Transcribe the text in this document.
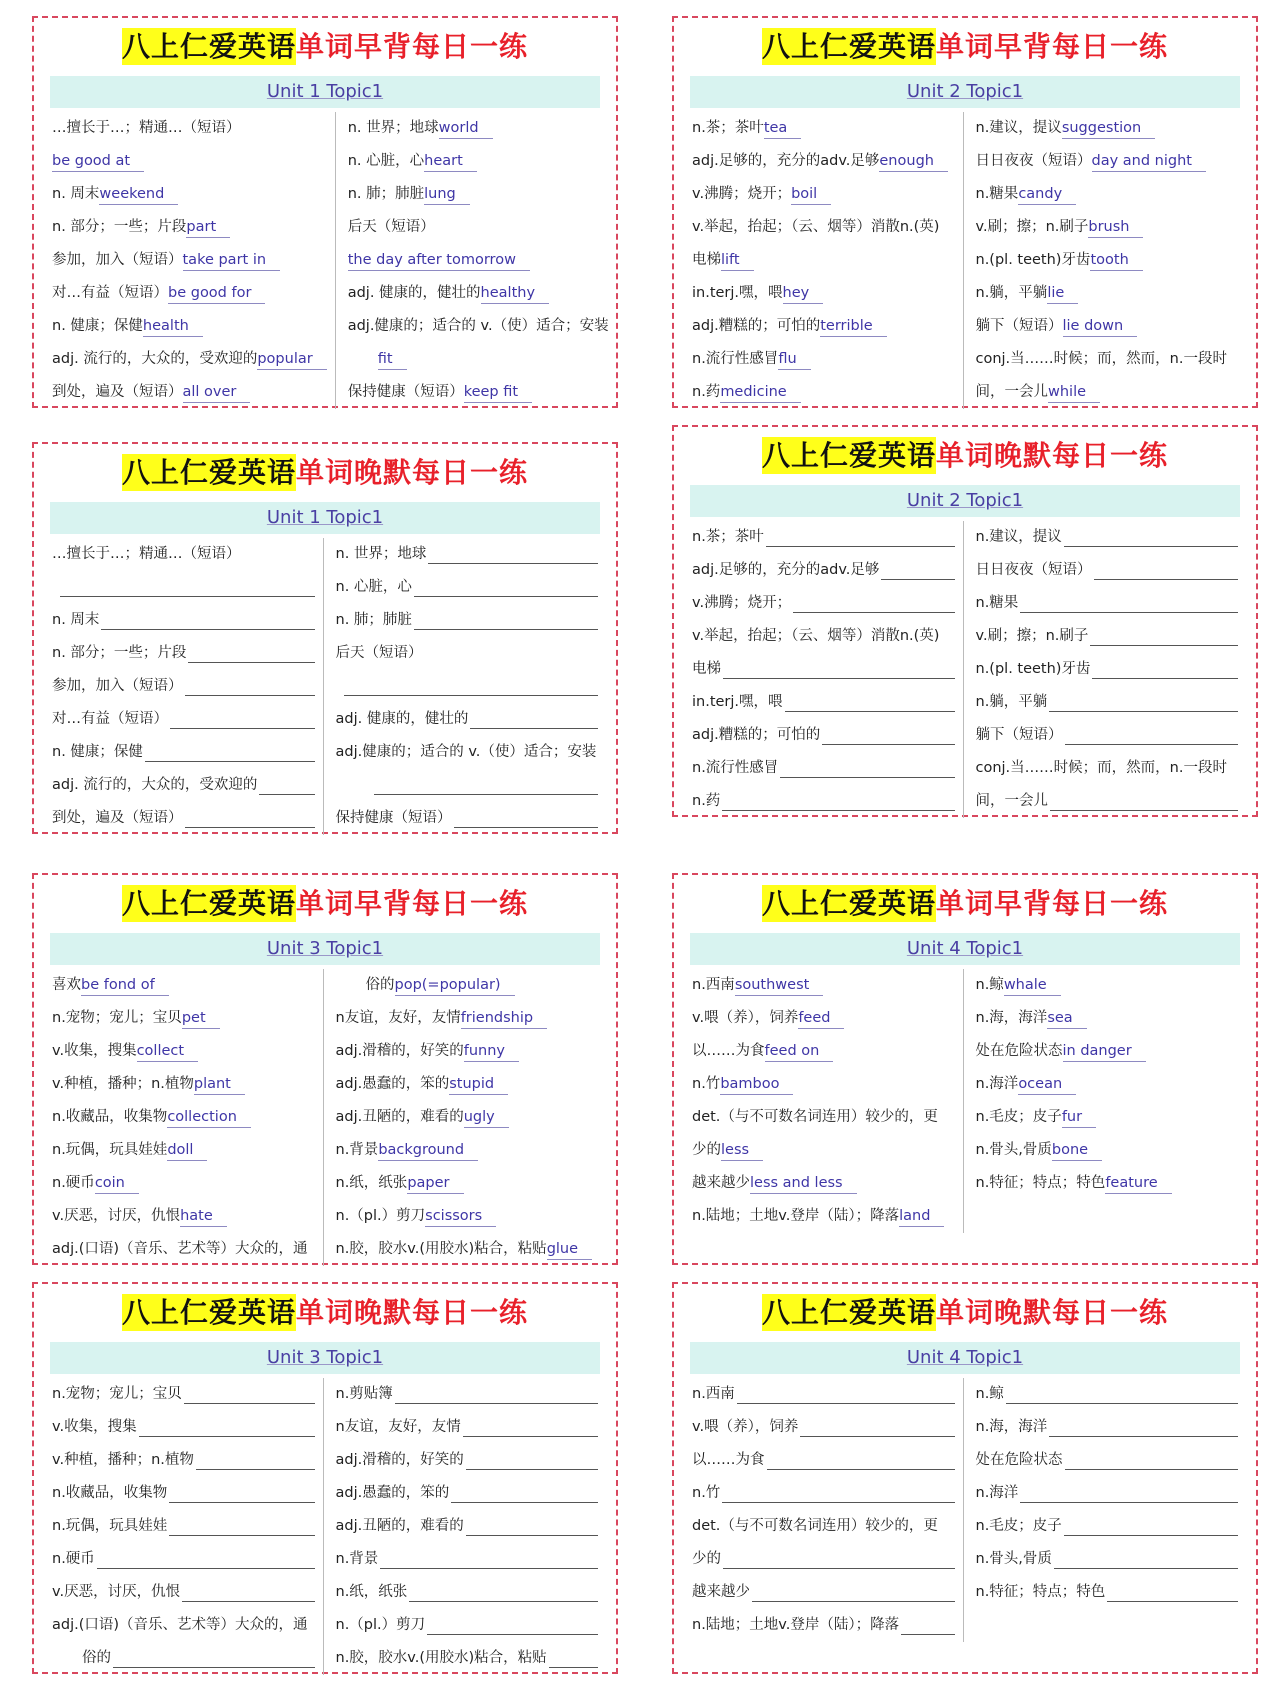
八上仁爱英语单词早背每日一练
Unit 1 Topic1
…擅长于…；精通…（短语）
be good at
n. 周末 weekend
n. 部分；一些；片段 part
参加，加入（短语） take part in
对…有益（短语） be good for
n. 健康；保健 health
adj. 流行的，大众的，受欢迎的 popular
到处，遍及（短语） all over
n. 世界；地球 world
n. 心脏，心 heart
n. 肺；肺脏 lung
后天（短语）
the day after tomorrow
adj. 健康的，健壮的 healthy
adj.健康的；适合的 v.（使）适合；安装
fit
保持健康（短语） keep fit
八上仁爱英语单词早背每日一练
Unit 2 Topic1
n.茶；茶叶 tea
adj.足够的，充分的adv.足够 enough
v.沸腾；烧开； boil
v.举起，抬起；（云、烟等）消散n.(英)
电梯 lift
in.terj.嘿，喂 hey
adj.糟糕的；可怕的 terrible
n.流行性感冒 flu
n.药 medicine
n.建议，提议 suggestion
日日夜夜（短语） day and night
n.糖果 candy
v.刷；擦；n.刷子 brush
n.(pl. teeth)牙齿 tooth
n.躺，平躺 lie
躺下（短语） lie down
conj.当……时候；而，然而，n.一段时
间，一会儿 while
八上仁爱英语单词晚默每日一练
Unit 1 Topic1
…擅长于…；精通…（短语）
n. 周末
n. 部分；一些；片段
参加，加入（短语）
对…有益（短语）
n. 健康；保健
adj. 流行的，大众的，受欢迎的
到处，遍及（短语）
n. 世界；地球
n. 心脏，心
n. 肺；肺脏
后天（短语）
adj. 健康的，健壮的
adj.健康的；适合的 v.（使）适合；安装
保持健康（短语）
八上仁爱英语单词晚默每日一练
Unit 2 Topic1
n.茶；茶叶
adj.足够的，充分的adv.足够
v.沸腾；烧开；
v.举起，抬起；（云、烟等）消散n.(英)
电梯
in.terj.嘿，喂
adj.糟糕的；可怕的
n.流行性感冒
n.药
n.建议，提议
日日夜夜（短语）
n.糖果
v.刷；擦；n.刷子
n.(pl. teeth)牙齿
n.躺，平躺
躺下（短语）
conj.当……时候；而，然而，n.一段时
间，一会儿
八上仁爱英语单词早背每日一练
Unit 3 Topic1
喜欢 be fond of
n.宠物；宠儿；宝贝 pet
v.收集，搜集 collect
v.种植，播种；n.植物 plant
n.收藏品，收集物 collection
n.玩偶，玩具娃娃 doll
n.硬币 coin
v.厌恶，讨厌，仇恨 hate
adj.(口语)（音乐、艺术等）大众的，通
俗的 pop(=popular)
n友谊，友好，友情 friendship
adj.滑稽的，好笑的 funny
adj.愚蠢的，笨的 stupid
adj.丑陋的，难看的 ugly
n.背景 background
n.纸，纸张 paper
n.（pl.）剪刀 scissors
n.胶，胶水v.(用胶水)粘合，粘贴 glue
八上仁爱英语单词早背每日一练
Unit 4 Topic1
n.西南 southwest
v.喂（养），饲养 feed
以……为食 feed on
n.竹 bamboo
det.（与不可数名词连用）较少的，更
少的 less
越来越少 less and less
n.陆地；土地v.登岸（陆）；降落 land
n.鲸 whale
n.海，海洋 sea
处在危险状态 in danger
n.海洋 ocean
n.毛皮；皮子 fur
n.骨头,骨质 bone
n.特征；特点；特色 feature
八上仁爱英语单词晚默每日一练
Unit 3 Topic1
n.宠物；宠儿；宝贝
v.收集，搜集
v.种植，播种；n.植物
n.收藏品，收集物
n.玩偶，玩具娃娃
n.硬币
v.厌恶，讨厌，仇恨
adj.(口语)（音乐、艺术等）大众的，通
俗的
n.剪贴簿
n友谊，友好，友情
adj.滑稽的，好笑的
adj.愚蠢的，笨的
adj.丑陋的，难看的
n.背景
n.纸，纸张
n.（pl.）剪刀
n.胶，胶水v.(用胶水)粘合，粘贴
八上仁爱英语单词晚默每日一练
Unit 4 Topic1
n.西南
v.喂（养），饲养
以……为食
n.竹
det.（与不可数名词连用）较少的，更
少的
越来越少
n.陆地；土地v.登岸（陆）；降落
n.鲸
n.海，海洋
处在危险状态
n.海洋
n.毛皮；皮子
n.骨头,骨质
n.特征；特点；特色
